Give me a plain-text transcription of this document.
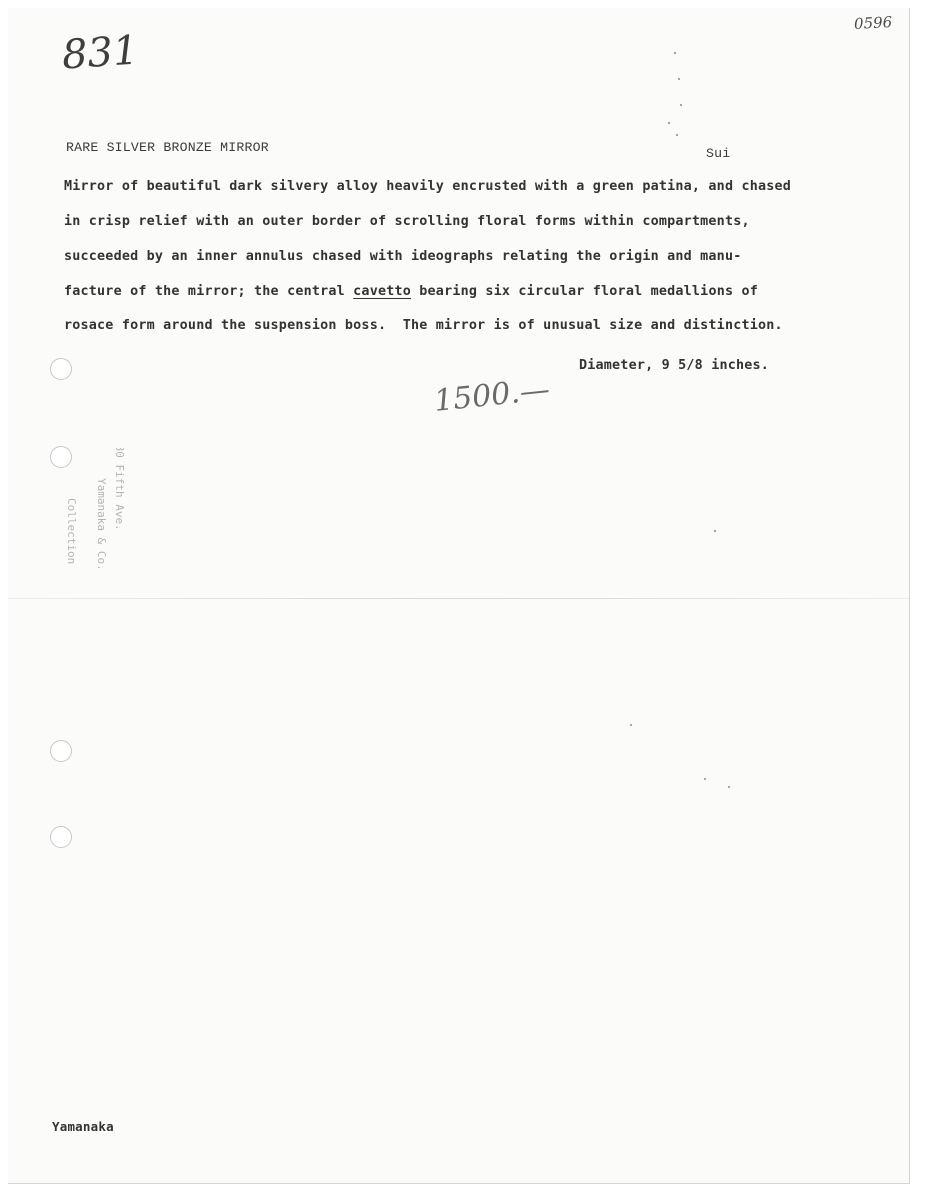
831
0596
RARE SILVER BRONZE MIRROR	Sui
Mirror of beautiful dark silvery alloy heavily encrusted with a green patina, and chased
in crisp relief with an outer border of scrolling floral forms within compartments,
succeeded by an inner annulus chased with ideographs relating the origin and manu-
facture of the mirror; the central cavetto bearing six circular floral medallions of
rosace form around the suspension boss.  The mirror is of unusual size and distinction.
Diameter, 9 5/8 inches.
1500.—
Collection Yamanaka & Co. 680 Fifth Ave.
Yamanaka
